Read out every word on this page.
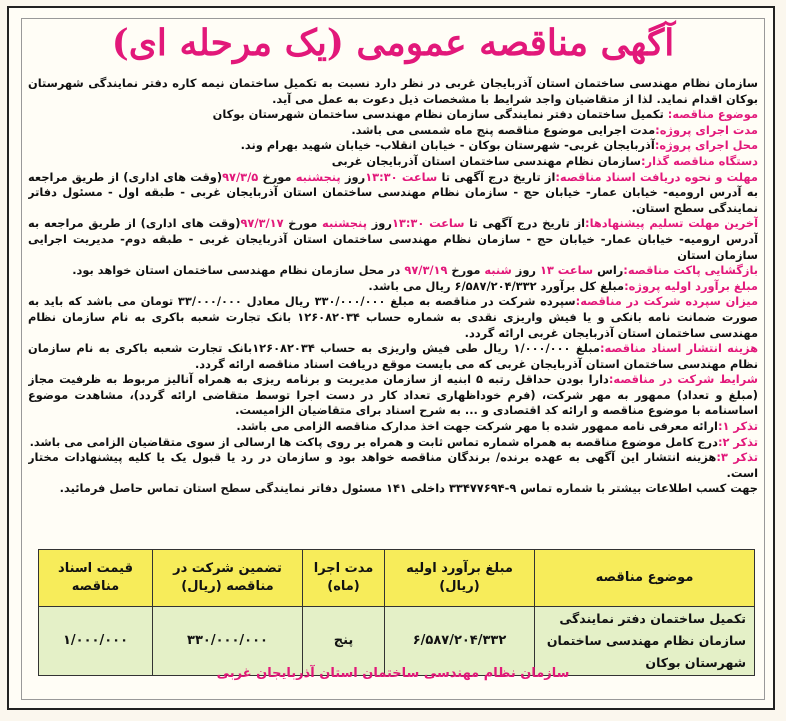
آگهی مناقصه عمومی (یک مرحله ای)

سازمان نظام مهندسی ساختمان استان آذربایجان غربی در نظر دارد نسبت به تکمیل ساختمان نیمه کاره دفتر نمایندگی شهرستان بوکان اقدام نماید. لذا از متقاضیان واجد شرایط با مشخصات ذیل دعوت به عمل می آید.

موضوع مناقصه: تکمیل ساختمان دفتر نمایندگی سازمان نظام مهندسی ساختمان شهرستان بوکان

مدت اجرای پروژه:مدت اجرایی موضوع مناقصه پنج ماه شمسی می باشد.

محل اجرای پروژه:آذربایجان غربی- شهرستان بوکان - خیابان انقلاب- خیابان شهید بهرام وند.

دستگاه مناقصه گذار:سازمان نظام مهندسی ساختمان استان آذربایجان غربی

مهلت و نحوه دریافت اسناد مناقصه:از تاریخ درج آگهی تا ساعت ۱۳:۳۰روز پنجشنبه مورخ ۹۷/۳/۵(وقت های اداری) از طریق مراجعه به آدرس ارومیه- خیابان عمار- خیابان حج - سازمان نظام مهندسی ساختمان استان آذربایجان غربی - طبقه اول - مسئول دفاتر نمایندگی سطح استان.

آخرین مهلت تسلیم پیشنهادها:از تاریخ درج آگهی تا ساعت ۱۳:۳۰روز پنجشنبه مورخ ۹۷/۳/۱۷(وقت های اداری) از طریق مراجعه به آدرس ارومیه- خیابان عمار- خیابان حج - سازمان نظام مهندسی ساختمان استان آذربایجان غربی - طبقه دوم- مدیریت اجرایی سازمان استان

بازگشایی پاکت مناقصه:راس ساعت ۱۳ روز شنبه مورخ ۹۷/۳/۱۹ در محل سازمان نظام مهندسی ساختمان استان خواهد بود.

مبلغ برآورد اولیه پروژه:مبلغ کل برآورد ۶/۵۸۷/۲۰۴/۳۳۲ ریال می باشد.

میزان سپرده شرکت در مناقصه:سپرده شرکت در مناقصه به مبلغ ۳۳۰/۰۰۰/۰۰۰ ریال معادل ۳۳/۰۰۰/۰۰۰ تومان می باشد که باید به صورت ضمانت نامه بانکی و یا فیش واریزی نقدی به شماره حساب ۱۲۶۰۸۲۰۳۴ بانک تجارت شعبه باکری به نام سازمان نظام مهندسی ساختمان استان آذربایجان غربی ارائه گردد.

هزینه انتشار اسناد مناقصه:مبلغ ۱/۰۰۰/۰۰۰ ریال طی فیش واریزی به حساب ۱۲۶۰۸۲۰۳۴بانک تجارت شعبه باکری به نام سازمان نظام مهندسی ساختمان استان آذربایجان غربی که می بایست موقع دریافت اسناد مناقصه ارائه گردد.

شرایط شرکت در مناقصه:دارا بودن حداقل رتبه ۵ ابنیه از سازمان مدیریت و برنامه ریزی به همراه آنالیز مربوط به ظرفیت مجاز (مبلغ و تعداد) ممهور به مهر شرکت، (فرم خوداظهاری تعداد کار در دست اجرا توسط متقاضی ارائه گردد)، مشاهدت موضوع اساسنامه با موضوع مناقصه و ارائه کد اقتصادی و ... به شرح اسناد برای متقاضیان الزامیست.

تذکر ۱:ارائه معرفی نامه ممهور شده با مهر شرکت جهت اخذ مدارک مناقصه الزامی می باشد.

تذکر ۲:درج کامل موضوع مناقصه به همراه شماره تماس ثابت و همراه بر روی پاکت ها ارسالی از سوی متقاضیان الزامی می باشد.

تذکر ۳:هزینه انتشار این آگهی به عهده برنده/ برندگان مناقصه خواهد بود و سازمان در رد یا قبول یک یا کلیه پیشنهادات مختار است.

جهت کسب اطلاعات بیشتر با شماره تماس ۹-۳۳۴۷۷۶۹۴ داخلی ۱۴۱ مسئول دفاتر نمایندگی سطح استان تماس حاصل فرمائید.

موضوع مناقصه	مبلغ برآورد اولیه (ریال)	مدت اجرا (ماه)	تضمین شرکت در مناقصه (ریال)	قیمت اسناد مناقصه
تکمیل ساختمان دفتر نمایندگی سازمان نظام مهندسی ساختمان شهرستان بوکان	۶/۵۸۷/۲۰۴/۳۳۲	پنج	۳۳۰/۰۰۰/۰۰۰	۱/۰۰۰/۰۰۰
سازمان نظام مهندسی ساختمان استان آذربایجان غربی
